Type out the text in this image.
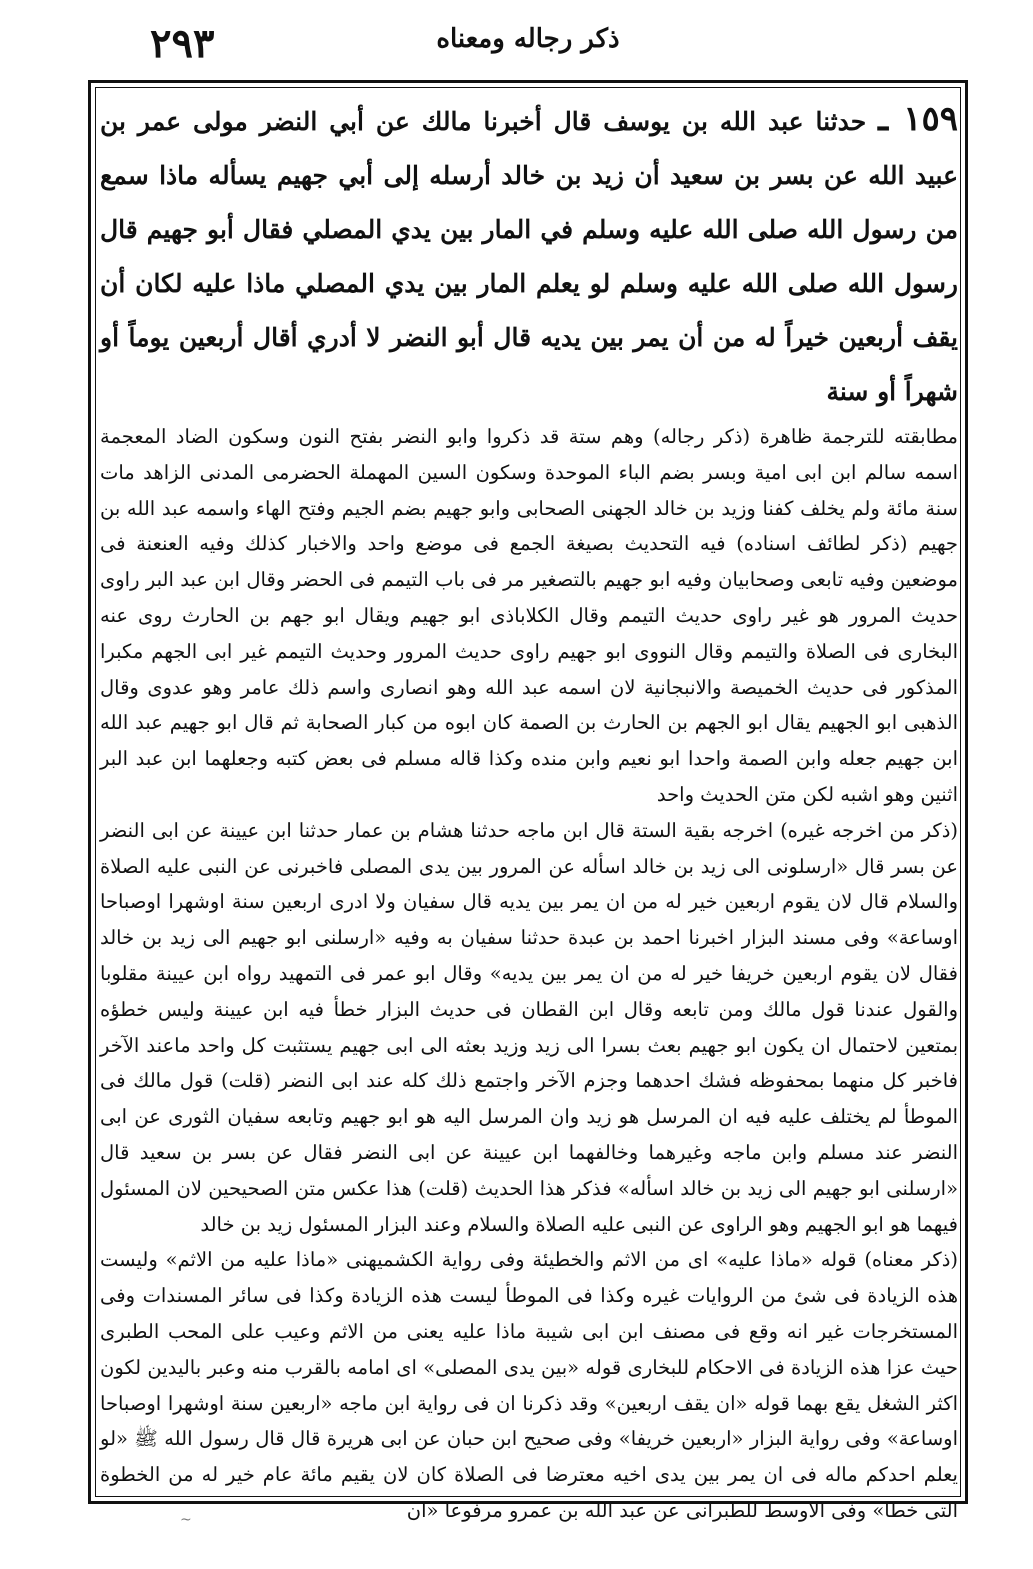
۲۹۳	ذكر رجاله ومعناه

١٥٩ ـ حدثنا عبد الله بن يوسف قال أخبرنا مالك عن أبي النضر مولى عمر بن عبيد الله عن بسر بن سعيد أن زيد بن خالد أرسله إلى أبي جهيم يسأله ماذا سمع من رسول الله صلى الله عليه وسلم في المار بين يدي المصلي فقال أبو جهيم قال رسول الله صلى الله عليه وسلم لو يعلم المار بين يدي المصلي ماذا عليه لكان أن يقف أربعين خيراً له من أن يمر بين يديه قال أبو النضر لا أدري أقال أربعين يوماً أو شهراً أو سنة

مطابقته للترجمة ظاهرة (ذكر رجاله) وهم ستة قد ذكروا وابو النضر بفتح النون وسكون الضاد المعجمة اسمه سالم ابن ابى امية وبسر بضم الباء الموحدة وسكون السين المهملة الحضرمى المدنى الزاهد مات سنة مائة ولم يخلف كفنا وزيد بن خالد الجهنى الصحابى وابو جهيم بضم الجيم وفتح الهاء واسمه عبد الله بن جهيم (ذكر لطائف اسناده) فيه التحديث بصيغة الجمع فى موضع واحد والاخبار كذلك وفيه العنعنة فى موضعين وفيه تابعى وصحابيان وفيه ابو جهيم بالتصغير مر فى باب التيمم فى الحضر وقال ابن عبد البر راوى حديث المرور هو غير راوى حديث التيمم وقال الكلاباذى ابو جهيم ويقال ابو جهم بن الحارث روى عنه البخارى فى الصلاة والتيمم وقال النووى ابو جهيم راوى حديث المرور وحديث التيمم غير ابى الجهم مكبرا المذكور فى حديث الخميصة والانبجانية لان اسمه عبد الله وهو انصارى واسم ذلك عامر وهو عدوى وقال الذهبى ابو الجهيم يقال ابو الجهم بن الحارث بن الصمة كان ابوه من كبار الصحابة ثم قال ابو جهيم عبد الله ابن جهيم جعله وابن الصمة واحدا ابو نعيم وابن منده وكذا قاله مسلم فى بعض كتبه وجعلهما ابن عبد البر اثنين وهو اشبه لكن متن الحديث واحد

(ذكر من اخرجه غيره) اخرجه بقية الستة قال ابن ماجه حدثنا هشام بن عمار حدثنا ابن عيينة عن ابى النضر عن بسر قال «ارسلونى الى زيد بن خالد اسأله عن المرور بين يدى المصلى فاخبرنى عن النبى عليه الصلاة والسلام قال لان يقوم اربعين خير له من ان يمر بين يديه قال سفيان ولا ادرى اربعين سنة اوشهرا اوصباحا اوساعة» وفى مسند البزار اخبرنا احمد بن عبدة حدثنا سفيان به وفيه «ارسلنى ابو جهيم الى زيد بن خالد فقال لان يقوم اربعين خريفا خير له من ان يمر بين يديه» وقال ابو عمر فى التمهيد رواه ابن عيينة مقلوبا والقول عندنا قول مالك ومن تابعه وقال ابن القطان فى حديث البزار خطأ فيه ابن عيينة وليس خطؤه بمتعين لاحتمال ان يكون ابو جهيم بعث بسرا الى زيد وزيد بعثه الى ابى جهيم يستثبت كل واحد ماعند الآخر فاخبر كل منهما بمحفوظه فشك احدهما وجزم الآخر واجتمع ذلك كله عند ابى النضر (قلت) قول مالك فى الموطأ لم يختلف عليه فيه ان المرسل هو زيد وان المرسل اليه هو ابو جهيم وتابعه سفيان الثورى عن ابى النضر عند مسلم وابن ماجه وغيرهما وخالفهما ابن عيينة عن ابى النضر فقال عن بسر بن سعيد قال «ارسلنى ابو جهيم الى زيد بن خالد اسأله» فذكر هذا الحديث (قلت) هذا عكس متن الصحيحين لان المسئول فيهما هو ابو الجهيم وهو الراوى عن النبى عليه الصلاة والسلام وعند البزار المسئول زيد بن خالد

(ذكر معناه) قوله «ماذا عليه» اى من الاثم والخطيئة وفى رواية الكشميهنى «ماذا عليه من الاثم» وليست هذه الزيادة فى شئ من الروايات غيره وكذا فى الموطأ ليست هذه الزيادة وكذا فى سائر المسندات وفى المستخرجات غير انه وقع فى مصنف ابن ابى شيبة ماذا عليه يعنى من الاثم وعيب على المحب الطبرى حيث عزا هذه الزيادة فى الاحكام للبخارى قوله «بين يدى المصلى» اى امامه بالقرب منه وعبر باليدين لكون اكثر الشغل يقع بهما قوله «ان يقف اربعين» وقد ذكرنا ان فى رواية ابن ماجه «اربعين سنة اوشهرا اوصباحا اوساعة» وفى رواية البزار «اربعين خريفا» وفى صحيح ابن حبان عن ابى هريرة قال قال رسول الله ﷺ «لو يعلم احدكم ماله فى ان يمر بين يدى اخيه معترضا فى الصلاة كان لان يقيم مائة عام خير له من الخطوة التى خطا» وفى الاوسط للطبرانى عن عبد الله بن عمرو مرفوعا «ان

~
